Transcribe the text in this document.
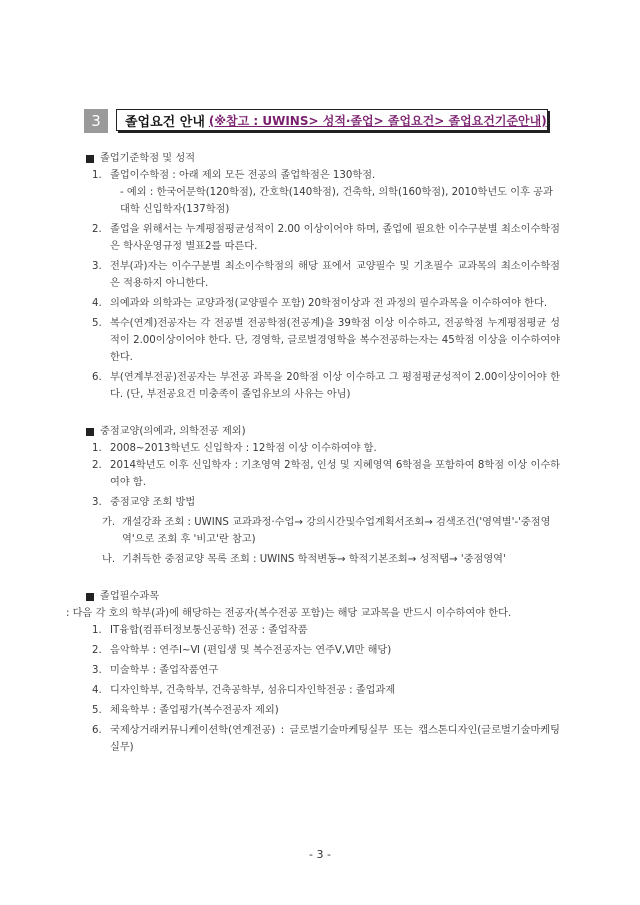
3	졸업요건 안내 (※참고 : UWINS> 성적·졸업> 졸업요건> 졸업요건기준안내)
졸업기준학점 및 성적
1. 졸업이수학점 : 아래 제외 모든 전공의 졸업학점은 130학점.
- 예외 : 한국어문학(120학점), 간호학(140학점), 건축학, 의학(160학점), 2010학년도 이후 공과대학 신입학자(137학점)
2. 졸업을 위해서는 누계평점평균성적이 2.00 이상이어야 하며, 졸업에 필요한 이수구분별 최소이수학점은 학사운영규정 별표2를 따른다.
3. 전부(과)자는 이수구분별 최소이수학점의 해당 표에서 교양필수 및 기초필수 교과목의 최소이수학점은 적용하지 아니한다.
4. 의예과와 의학과는 교양과정(교양필수 포함) 20학점이상과 전 과정의 필수과목을 이수하여야 한다.
5. 복수(연계)전공자는 각 전공별 전공학점(전공계)을 39학점 이상 이수하고, 전공학점 누계평점평균 성적이 2.00이상이어야 한다. 단, 경영학, 글로벌경영학을 복수전공하는자는 45학점 이상을 이수하여야 한다.
6. 부(연계부전공)전공자는 부전공 과목을 20학점 이상 이수하고 그 평점평균성적이 2.00이상이어야 한다. (단, 부전공요건 미충족이 졸업유보의 사유는 아님)
중점교양(의예과, 의학전공 제외)
1. 2008~2013학년도 신입학자 : 12학점 이상 이수하여야 함.
2. 2014학년도 이후 신입학자 : 기초영역 2학점, 인성 및 지혜영역 6학점을 포함하여 8학점 이상 이수하여야 함.
3. 중점교양 조회 방법
가. 개설강좌 조회 : UWINS 교과과정·수업→ 강의시간및수업계획서조회→ 검색조건('영역별'-'중점영역'으로 조회 후 '비고'란 참고)
나. 기취득한 중점교양 목록 조회 : UWINS 학적변동→ 학적기본조회→ 성적탭→ '중점영역'
졸업필수과목
: 다음 각 호의 학부(과)에 해당하는 전공자(복수전공 포함)는 해당 교과목을 반드시 이수하여야 한다.
1. IT융합(컴퓨터정보통신공학) 전공 : 졸업작품
2. 음악학부 : 연주Ⅰ~Ⅵ (편입생 및 복수전공자는 연주Ⅴ,Ⅵ만 해당)
3. 미술학부 : 졸업작품연구
4. 디자인학부, 건축학부, 건축공학부, 섬유디자인학전공 : 졸업과제
5. 체육학부 : 졸업평가(복수전공자 제외)
6. 국제상거래커뮤니케이션학(연계전공) : 글로벌기술마케팅실무 또는 캡스톤디자인(글로벌기술마케팅실무)
- 3 -
